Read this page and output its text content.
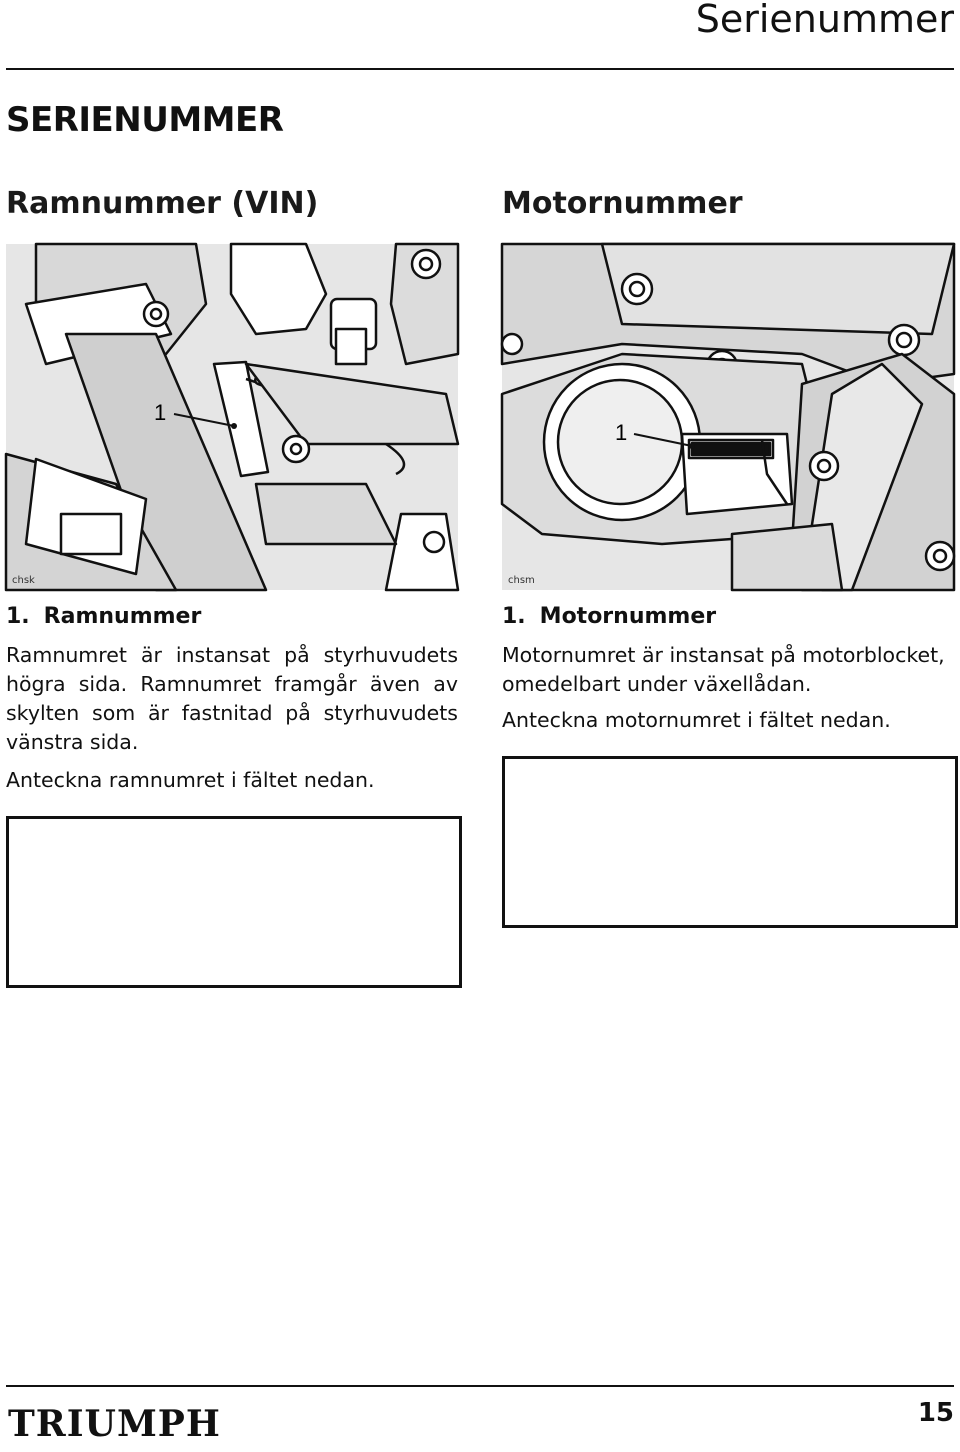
Serienummer
SERIENUMMER
Ramnummer (VIN)
1
chsk
1. Ramnummer
Ramnumret är instansat på styrhuvudets högra sida. Ramnumret framgår även av skylten som är fastnitad på styrhuvudets vänstra sida.
Anteckna ramnumret i fältet nedan.
Motornummer
1
chsm
1. Motornummer
Motornumret är instansat på motorblocket, omedelbart under växellådan.
Anteckna motornumret i fältet nedan.
TRIUMPH	15
